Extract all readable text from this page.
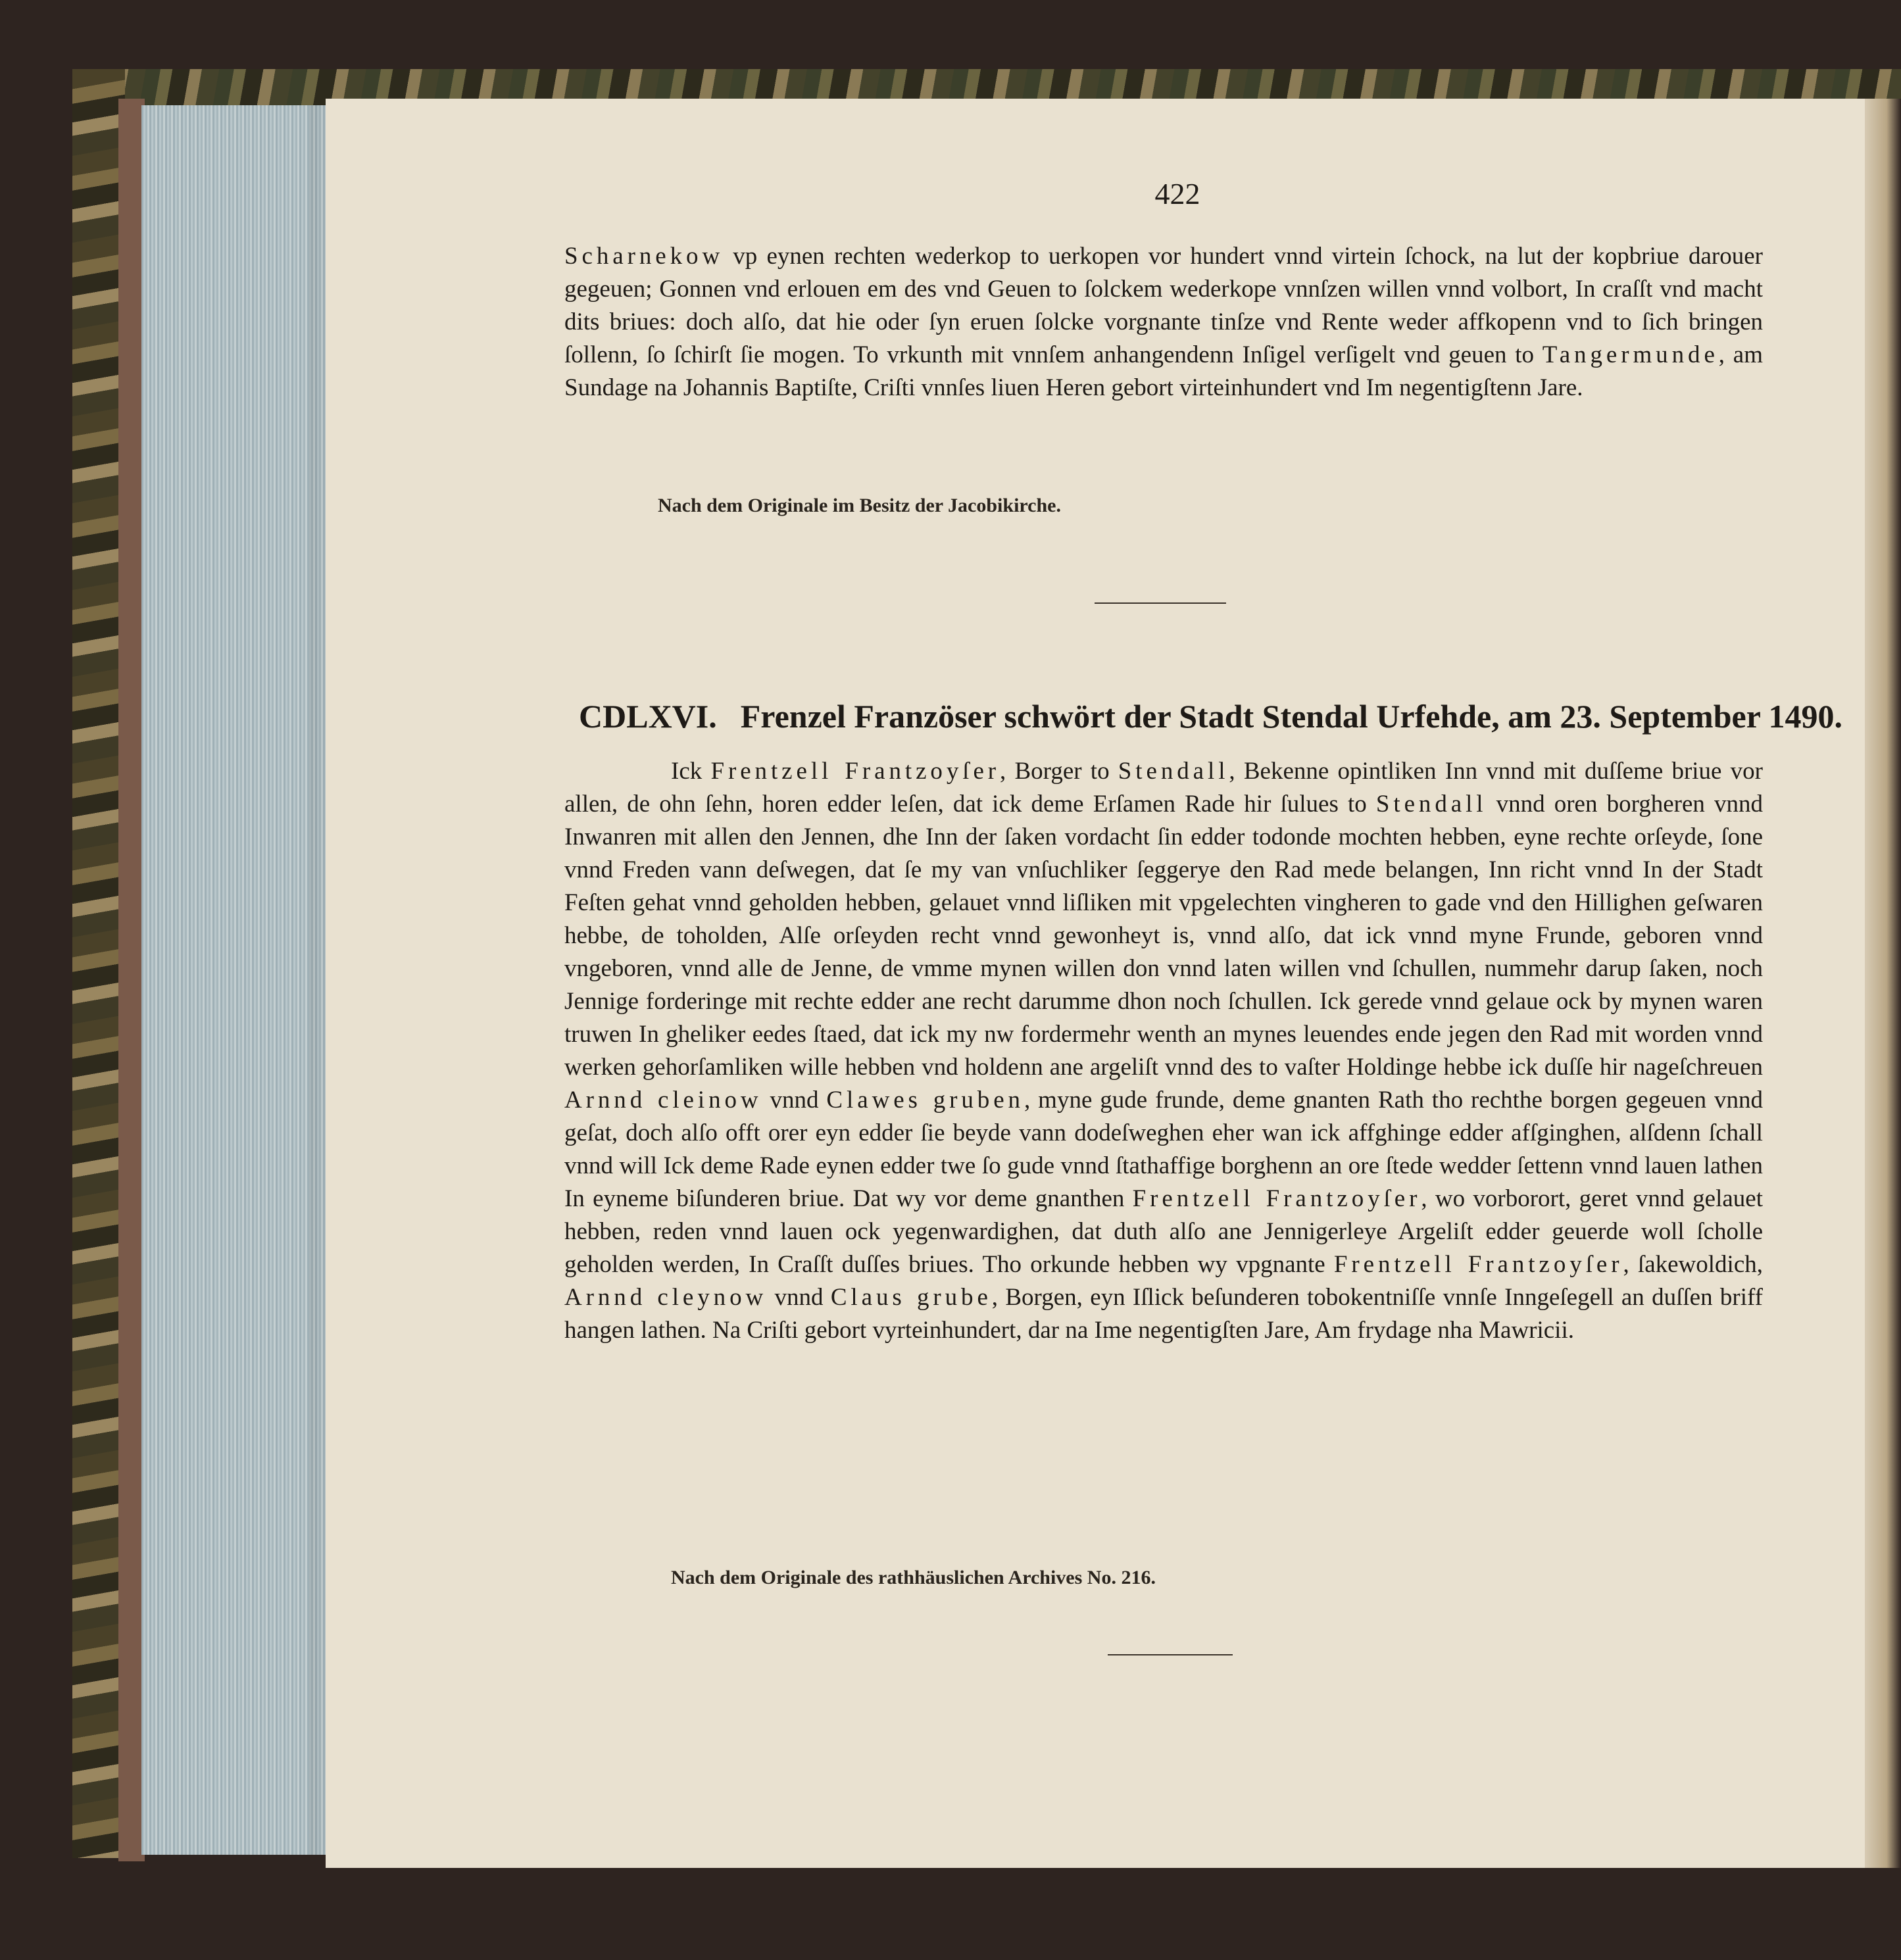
422

Scharnekow vp eynen rechten wederkop to uerkopen vor hundert vnnd virtein ſchock, na lut der kopbriue darouer gegeuen; Gonnen vnd erlouen em des vnd Geuen to ſolckem wederkope vnnſzen willen vnnd volbort, In craſſt vnd macht dits briues: doch alſo, dat hie oder ſyn eruen ſolcke vorgnante tinſze vnd Rente weder affkopenn vnd to ſich bringen ſollenn, ſo ſchirſt ſie mogen. To vrkunth mit vnnſem anhangendenn Inſigel verſigelt vnd geuen to Tangermunde, am Sundage na Johannis Baptiſte, Criſti vnnſes liuen Heren gebort virteinhundert vnd Im negentigſtenn Jare.

Nach dem Originale im Besitz der Jacobikirche.
CDLXVI. Frenzel Französer schwört der Stadt Stendal Urfehde, am 23. September 1490.

Ick Frentzell Frantzoyſer, Borger to Stendall, Bekenne opintliken Inn vnnd mit duſſeme briue vor allen, de ohn ſehn, horen edder leſen, dat ick deme Erſamen Rade hir ſulues to Stendall vnnd oren borgheren vnnd Inwanren mit allen den Jennen, dhe Inn der ſaken vordacht ſin edder todonde mochten hebben, eyne rechte orſeyde, ſone vnnd Freden vann deſwegen, dat ſe my van vnſuchliker ſeggerye den Rad mede belangen, Inn richt vnnd In der Stadt Feſten gehat vnnd geholden hebben, gelauet vnnd liſliken mit vpgelechten vingheren to gade vnd den Hillighen geſwaren hebbe, de toholden, Alſe orſeyden recht vnnd gewonheyt is, vnnd alſo, dat ick vnnd myne Frunde, geboren vnnd vngeboren, vnnd alle de Jenne, de vmme mynen willen don vnnd laten willen vnd ſchullen, nummehr darup ſaken, noch Jennige forderinge mit rechte edder ane recht darumme dhon noch ſchullen. Ick gerede vnnd gelaue ock by mynen waren truwen In gheliker eedes ſtaed, dat ick my nw fordermehr wenth an mynes leuendes ende jegen den Rad mit worden vnnd werken gehorſamliken wille hebben vnd holdenn ane argeliſt vnnd des to vaſter Holdinge hebbe ick duſſe hir nageſchreuen Arnnd cleinow vnnd Clawes gruben, myne gude frunde, deme gnanten Rath tho rechthe borgen gegeuen vnnd geſat, doch alſo offt orer eyn edder ſie beyde vann dodeſweghen eher wan ick affghinge edder afſginghen, alſdenn ſchall vnnd will Ick deme Rade eynen edder twe ſo gude vnnd ſtathaffige borghenn an ore ſtede wedder ſettenn vnnd lauen lathen In eyneme biſunderen briue. Dat wy vor deme gnanthen Frentzell Frantzoyſer, wo vorborort, geret vnnd gelauet hebben, reden vnnd lauen ock yegenwardighen, dat duth alſo ane Jennigerleye Argeliſt edder geuerde woll ſcholle geholden werden, In Craſſt duſſes briues. Tho orkunde hebben wy vpgnante Frentzell Frantzoyſer, ſakewoldich, Arnnd cleynow vnnd Claus grube, Borgen, eyn Iſlick beſunderen tobokentniſſe vnnſe Inngeſegell an duſſen briff hangen lathen. Na Criſti gebort vyrteinhundert, dar na Ime negentigſten Jare, Am frydage nha Mawricii.

Nach dem Originale des rathhäuslichen Archives No. 216.
